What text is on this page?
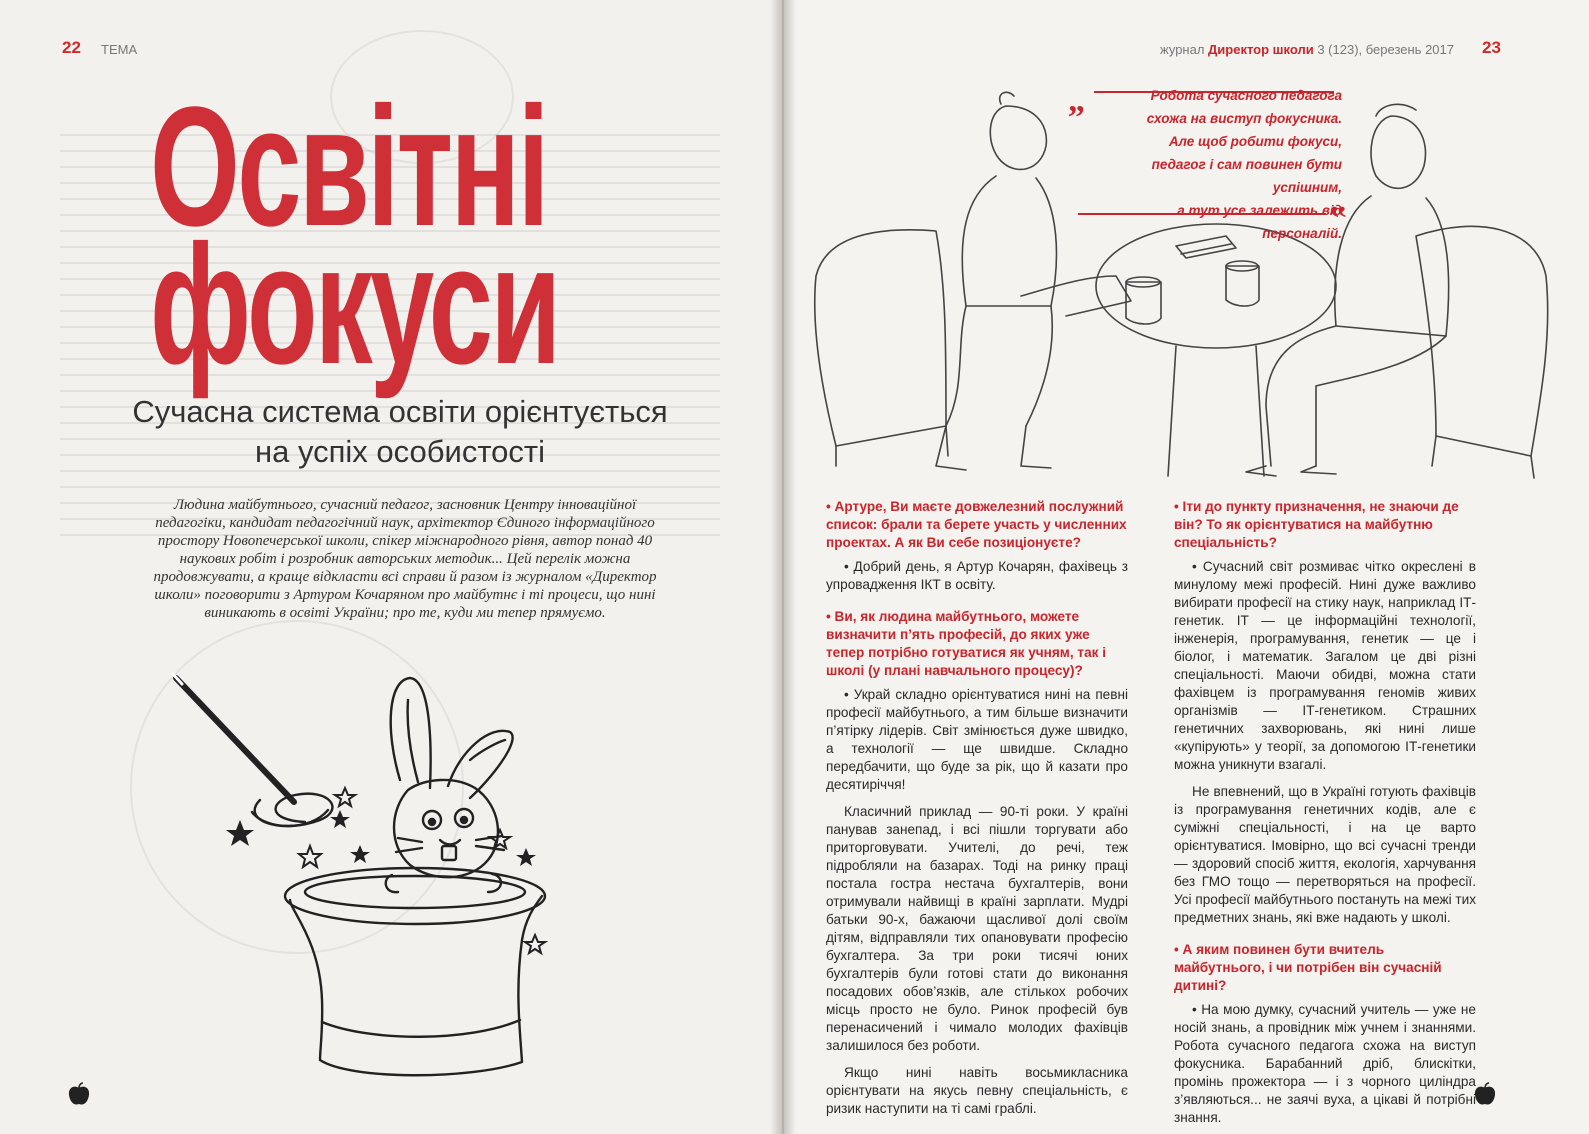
22 ТЕМА
Освітні
фокуси
Сучасна система освіти орієнтується
на успіх особистості
Людина майбутнього, сучасний педагог, засновник Центру інноваційної педагогіки, кандидат педагогічний наук, архітектор Єдиного інформаційного простору Новопечерської школи, спікер міжнародного рівня, автор понад 40 наукових робіт і розробник авторських методик... Цей перелік можна продовжувати, а краще відкласти всі справи й разом із журналом «Директор школи» поговорити з Артуром Кочаряном про майбутнє і ті процеси, що нині виникають в освіті України; про те, куди ми тепер прямуємо.
журнал Директор школи 3 (123), березень 2017 23
„	Робота сучасного педагога
схожа на виступ фокусника.
Але щоб робити фокуси,
педагог і сам повинен бути успішним,
а тут усе залежить від персоналій.
‟

• Артуре, Ви маєте довжелезний послужний список: брали та берете участь у численних проектах. А як Ви себе позиціонуєте?

• Добрий день, я Артур Кочарян, фахівець з упровадження ІКТ в освіту.

• Ви, як людина майбутнього, можете визначити п’ять професій, до яких уже тепер потрібно готуватися як учням, так і школі (у плані навчального процесу)?

• Украй складно орієнтуватися нині на певні професії майбутнього, а тим більше визначити п’ятірку лідерів. Світ змінюється дуже швидко, а технології — ще швидше. Складно передбачити, що буде за рік, що й казати про десятиріччя!

Класичний приклад — 90-ті роки. У країні панував занепад, і всі пішли торгувати або приторговувати. Учителі, до речі, теж підробляли на базарах. Тоді на ринку праці постала гостра нестача бухгалтерів, вони отримували найвищі в країні зарплати. Мудрі батьки 90-х, бажаючи щасливої долі своїм дітям, відправляли тих опановувати професію бухгалтера. За три роки тисячі юних бухгалтерів були готові стати до виконання посадових обов’язків, але стількох робочих місць просто не було. Ринок професій був перенасичений і чимало молодих фахівців залишилося без роботи.

Якщо нині навіть восьмикласника орієнтувати на якусь певну спеціальність, є ризик наступити на ті самі граблі.

• Іти до пункту призначення, не знаючи де він? То як орієнтуватися на майбутню спеціальність?

• Сучасний світ розмиває чітко окреслені в минулому межі професій. Нині дуже важливо вибирати професії на стику наук, наприклад ІТ-генетик. ІТ — це інформаційні технології, інженерія, програмування, генетик — це і біолог, і математик. Загалом це дві різні спеціальності. Маючи обидві, можна стати фахівцем із програмування геномів живих організмів — ІТ-генетиком. Страшних генетичних захворювань, які нині лише «купірують» у теорії, за допомогою ІТ-генетики можна уникнути взагалі.

Не впевнений, що в Україні готують фахівців із програмування генетичних кодів, але є суміжні спеціальності, і на це варто орієнтуватися. Імовірно, що всі сучасні тренди — здоровий спосіб життя, екологія, харчування без ГМО тощо — перетворяться на професії. Усі професії майбутнього постануть на межі тих предметних знань, які вже надають у школі.

• А яким повинен бути вчитель майбутнього, і чи потрібен він сучасній дитині?

• На мою думку, сучасний учитель — уже не носій знань, а провідник між учнем і знаннями. Робота сучасного педагога схожа на виступ фокусника. Барабанний дріб, блискітки, промінь прожектора — і з чорного циліндра з’являються... не заячі вуха, а цікаві й потрібні знання.
